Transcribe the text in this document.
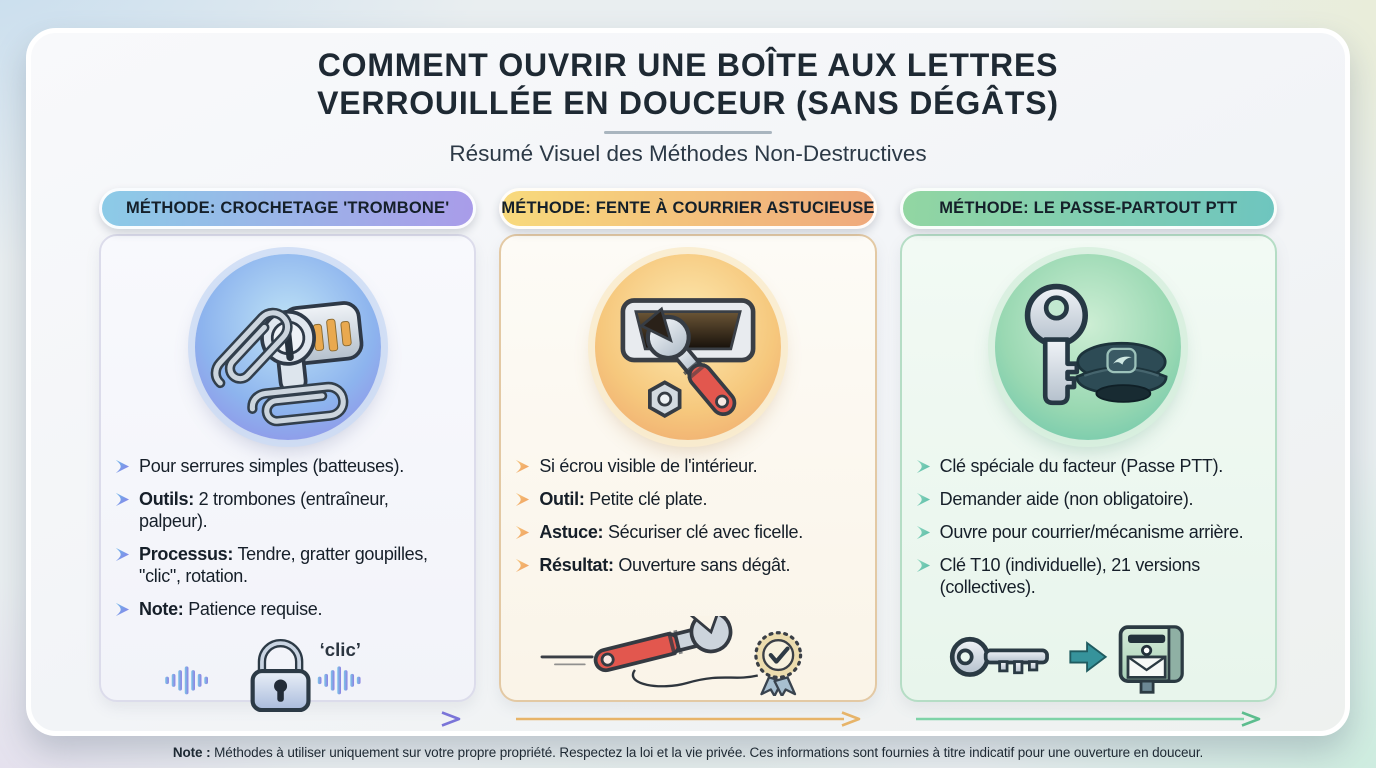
COMMENT OUVRIR UNE BOÎTE AUX LETTRES
VERROUILLÉE EN DOUCEUR (SANS DÉGÂTS)
Résumé Visuel des Méthodes Non-Destructives
MÉTHODE: CROCHETAGE 'TROMBONE'
Pour serrures simples (batteuses).
Outils: 2 trombones (entraîneur, palpeur).
Processus: Tendre, gratter goupilles, "clic", rotation.
Note: Patience requise.
‘clic’
MÉTHODE: FENTE À COURRIER ASTUCIEUSE
Si écrou visible de l'intérieur.
Outil: Petite clé plate.
Astuce: Sécuriser clé avec ficelle.
Résultat: Ouverture sans dégât.
MÉTHODE: LE PASSE-PARTOUT PTT
Clé spéciale du facteur (Passe PTT).
Demander aide (non obligatoire).
Ouvre pour courrier/mécanisme arrière.
Clé T10 (individuelle), 21 versions (collectives).
Note : Méthodes à utiliser uniquement sur votre propre propriété. Respectez la loi et la vie privée. Ces informations sont fournies à titre indicatif pour une ouverture en douceur.
